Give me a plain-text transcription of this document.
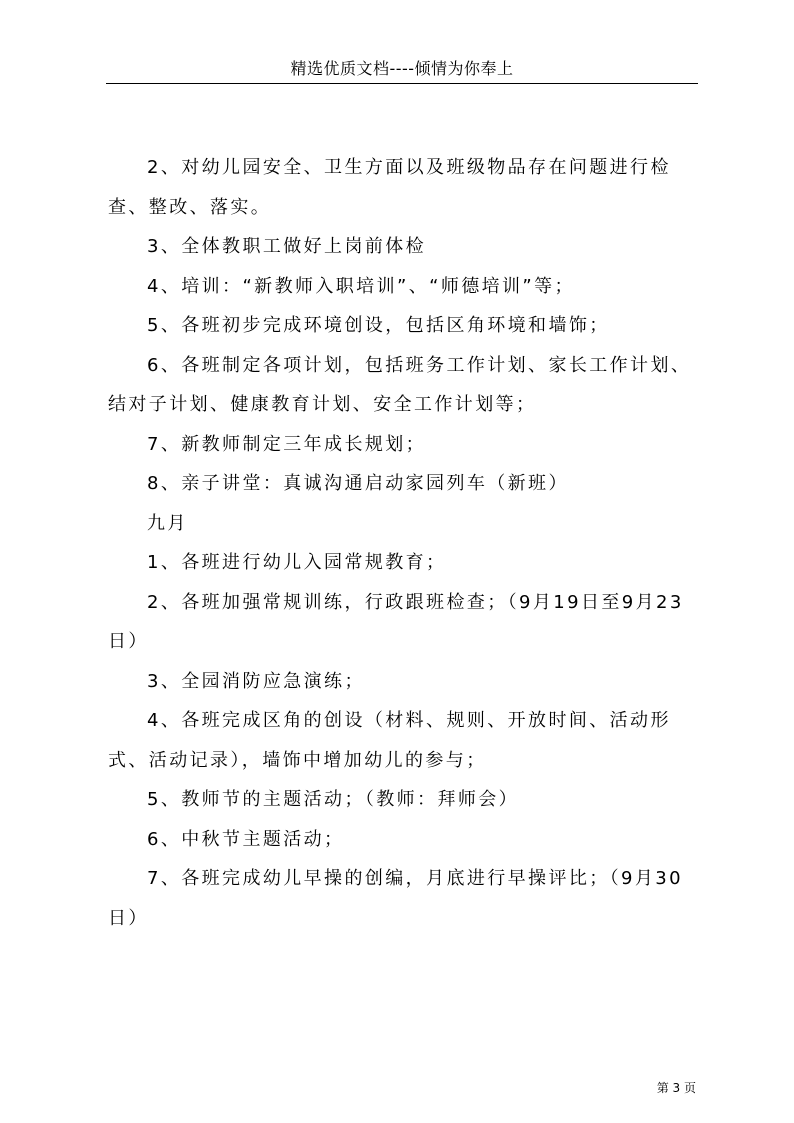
精选优质文档----倾情为你奉上

2、对幼儿园安全、卫生方面以及班级物品存在问题进行检

查、整改、落实。

3、全体教职工做好上岗前体检

4、培训：“新教师入职培训”、“师德培训”等；

5、各班初步完成环境创设，包括区角环境和墙饰；

6、各班制定各项计划，包括班务工作计划、家长工作计划、

结对子计划、健康教育计划、安全工作计划等；

7、新教师制定三年成长规划；

8、亲子讲堂：真诚沟通启动家园列车（新班）

九月

1、各班进行幼儿入园常规教育；

2、各班加强常规训练，行政跟班检查；（9月19日至9月23

日）

3、全园消防应急演练；

4、各班完成区角的创设（材料、规则、开放时间、活动形

式、活动记录），墙饰中增加幼儿的参与；

5、教师节的主题活动；（教师：拜师会）

6、中秋节主题活动；

7、各班完成幼儿早操的创编，月底进行早操评比；（9月30

日）

第 3 页
